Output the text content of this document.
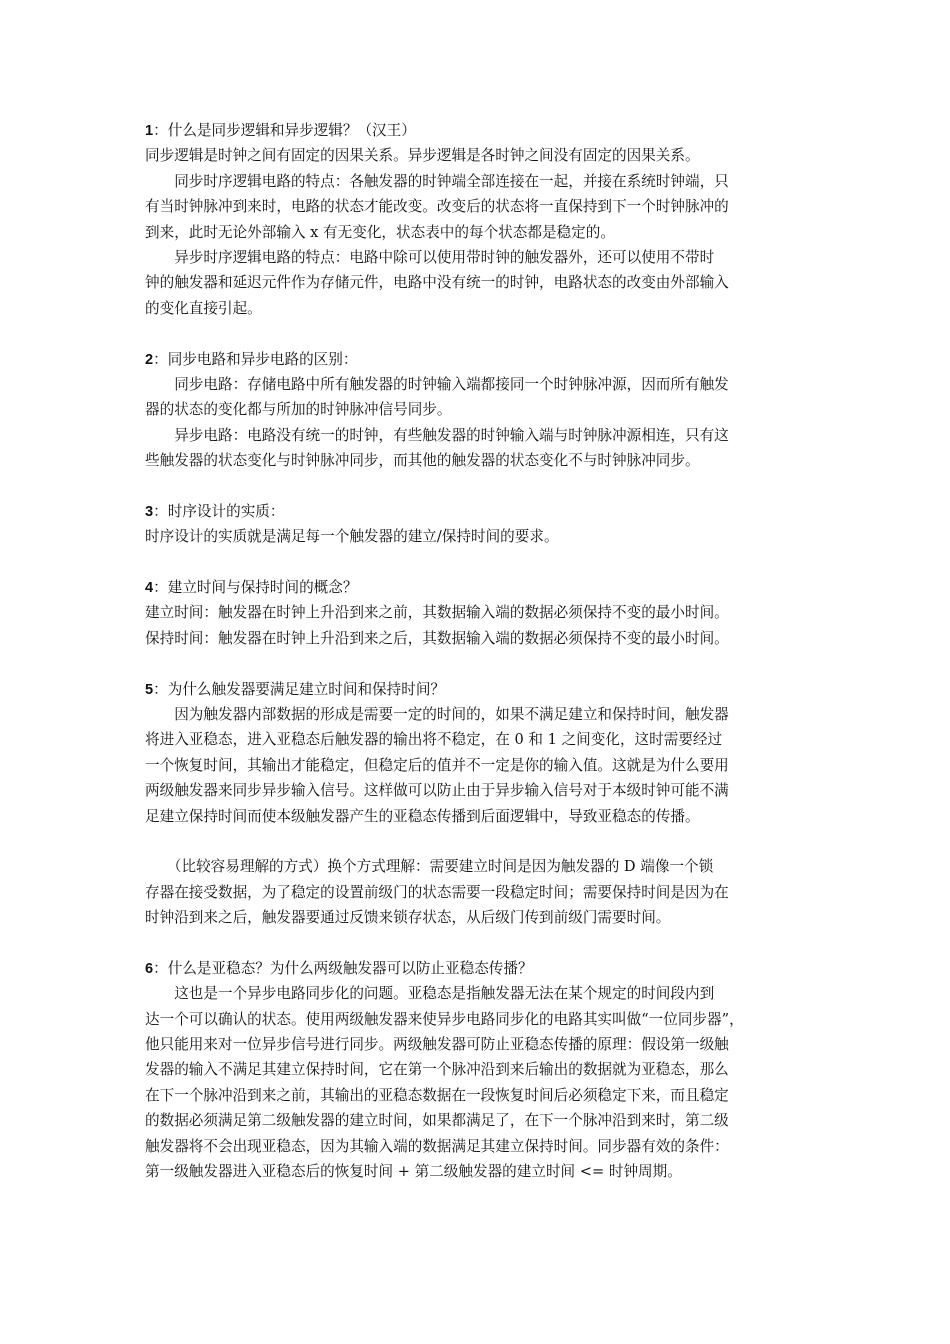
1：什么是同步逻辑和异步逻辑？（汉王）
同步逻辑是时钟之间有固定的因果关系。异步逻辑是各时钟之间没有固定的因果关系。
　　同步时序逻辑电路的特点：各触发器的时钟端全部连接在一起，并接在系统时钟端，只
有当时钟脉冲到来时，电路的状态才能改变。改变后的状态将一直保持到下一个时钟脉冲的
到来，此时无论外部输入 x 有无变化，状态表中的每个状态都是稳定的。
　　异步时序逻辑电路的特点：电路中除可以使用带时钟的触发器外，还可以使用不带时
钟的触发器和延迟元件作为存储元件，电路中没有统一的时钟，电路状态的改变由外部输入
的变化直接引起。
2：同步电路和异步电路的区别：
　　同步电路：存储电路中所有触发器的时钟输入端都接同一个时钟脉冲源，因而所有触发
器的状态的变化都与所加的时钟脉冲信号同步。
　　异步电路：电路没有统一的时钟，有些触发器的时钟输入端与时钟脉冲源相连，只有这
些触发器的状态变化与时钟脉冲同步，而其他的触发器的状态变化不与时钟脉冲同步。
3：时序设计的实质：
时序设计的实质就是满足每一个触发器的建立/保持时间的要求。
4：建立时间与保持时间的概念？
建立时间：触发器在时钟上升沿到来之前，其数据输入端的数据必须保持不变的最小时间。
保持时间：触发器在时钟上升沿到来之后，其数据输入端的数据必须保持不变的最小时间。
5：为什么触发器要满足建立时间和保持时间？
　　因为触发器内部数据的形成是需要一定的时间的，如果不满足建立和保持时间，触发器
将进入亚稳态，进入亚稳态后触发器的输出将不稳定，在 0 和 1 之间变化，这时需要经过
一个恢复时间，其输出才能稳定，但稳定后的值并不一定是你的输入值。这就是为什么要用
两级触发器来同步异步输入信号。这样做可以防止由于异步输入信号对于本级时钟可能不满
足建立保持时间而使本级触发器产生的亚稳态传播到后面逻辑中，导致亚稳态的传播。
　　（比较容易理解的方式）换个方式理解：需要建立时间是因为触发器的 D 端像一个锁
存器在接受数据，为了稳定的设置前级门的状态需要一段稳定时间；需要保持时间是因为在
时钟沿到来之后，触发器要通过反馈来锁存状态，从后级门传到前级门需要时间。
6：什么是亚稳态？为什么两级触发器可以防止亚稳态传播？
　　这也是一个异步电路同步化的问题。亚稳态是指触发器无法在某个规定的时间段内到
达一个可以确认的状态。使用两级触发器来使异步电路同步化的电路其实叫做“一位同步器”，
他只能用来对一位异步信号进行同步。两级触发器可防止亚稳态传播的原理：假设第一级触
发器的输入不满足其建立保持时间，它在第一个脉冲沿到来后输出的数据就为亚稳态，那么
在下一个脉冲沿到来之前，其输出的亚稳态数据在一段恢复时间后必须稳定下来，而且稳定
的数据必须满足第二级触发器的建立时间，如果都满足了，在下一个脉冲沿到来时，第二级
触发器将不会出现亚稳态，因为其输入端的数据满足其建立保持时间。同步器有效的条件：
第一级触发器进入亚稳态后的恢复时间 + 第二级触发器的建立时间 <= 时钟周期。
